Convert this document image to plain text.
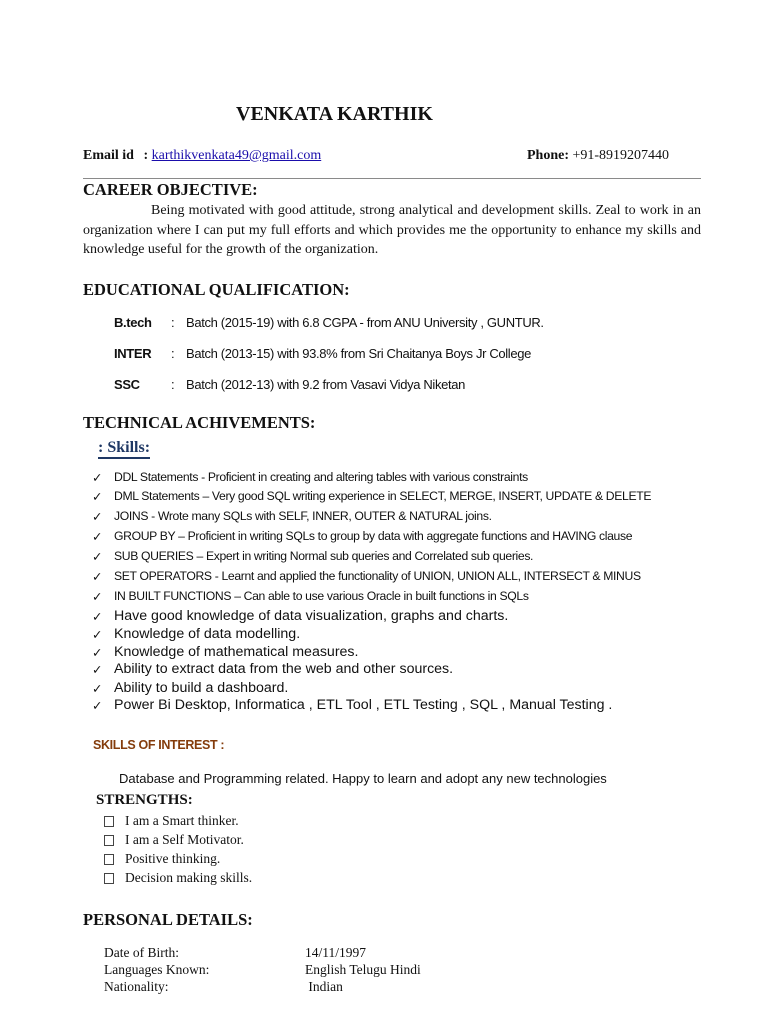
VENKATA KARTHIK
Email id : karthikvenkata49@gmail.com	Phone: +91-8919207440
CAREER OBJECTIVE:
Being motivated with good attitude, strong analytical and development skills. Zeal to work in an organization where I can put my full efforts and which provides me the opportunity to enhance my skills and knowledge useful for the growth of the organization.
EDUCATIONAL QUALIFICATION:
B.tech : Batch (2015-19) with 6.8 CGPA - from ANU University , GUNTUR.
INTER : Batch (2013-15) with 93.8% from Sri Chaitanya Boys Jr College
SSC : Batch (2012-13) with 9.2 from Vasavi Vidya Niketan
TECHNICAL ACHIVEMENTS:
: Skills:
✓ DDL Statements - Proficient in creating and altering tables with various constraints
✓ DML Statements – Very good SQL writing experience in SELECT, MERGE, INSERT, UPDATE & DELETE
✓ JOINS - Wrote many SQLs with SELF, INNER, OUTER & NATURAL joins.
✓ GROUP BY – Proficient in writing SQLs to group by data with aggregate functions and HAVING clause
✓ SUB QUERIES – Expert in writing Normal sub queries and Correlated sub queries.
✓ SET OPERATORS - Learnt and applied the functionality of UNION, UNION ALL, INTERSECT & MINUS
✓ IN BUILT FUNCTIONS – Can able to use various Oracle in built functions in SQLs
✓ Have good knowledge of data visualization, graphs and charts.
✓ Knowledge of data modelling.
✓ Knowledge of mathematical measures.
✓ Ability to extract data from the web and other sources.
✓ Ability to build a dashboard.
✓ Power Bi Desktop, Informatica , ETL Tool , ETL Testing , SQL , Manual Testing .
SKILLS OF INTEREST :
Database and Programming related. Happy to learn and adopt any new technologies
STRENGTHS:
I am a Smart thinker.
I am a Self Motivator.
Positive thinking.
Decision making skills.
PERSONAL DETAILS:
Date of Birth:	14/11/1997
Languages Known:	English Telugu Hindi
Nationality:	Indian
